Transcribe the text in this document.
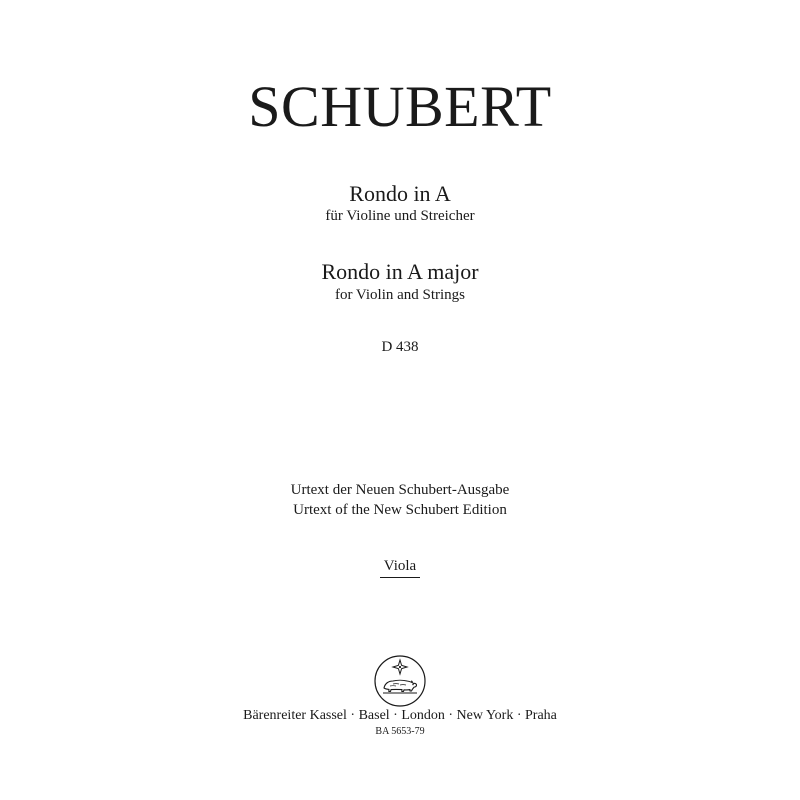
SCHUBERT
Rondo in A
für Violine und Streicher
Rondo in A major
for Violin and Strings
D 438
Urtext der Neuen Schubert-Ausgabe
Urtext of the New Schubert Edition
Viola
Bärenreiter Kassel · Basel · London · New York · Praha
BA 5653-79
